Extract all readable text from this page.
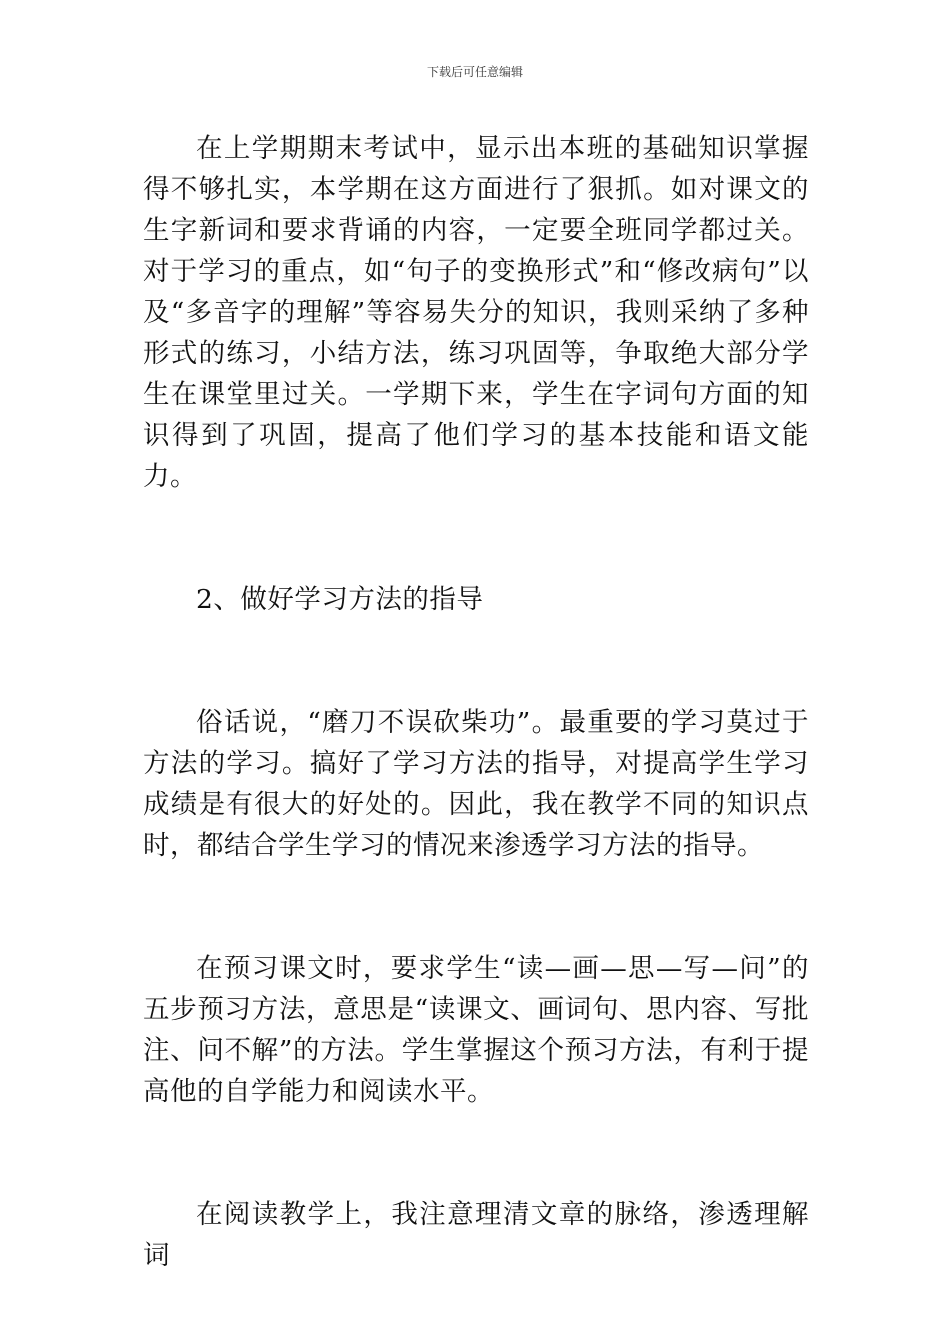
下载后可任意编辑

在上学期期末考试中，显示出本班的基础知识掌握得不够扎实，本学期在这方面进行了狠抓。如对课文的生字新词和要求背诵的内容，一定要全班同学都过关。对于学习的重点，如“句子的变换形式”和“修改病句”以及“多音字的理解”等容易失分的知识，我则采纳了多种形式的练习，小结方法，练习巩固等，争取绝大部分学生在课堂里过关。一学期下来，学生在字词句方面的知识得到了巩固，提高了他们学习的基本技能和语文能力。

2、做好学习方法的指导

俗话说，“磨刀不误砍柴功”。最重要的学习莫过于方法的学习。搞好了学习方法的指导，对提高学生学习成绩是有很大的好处的。因此，我在教学不同的知识点时，都结合学生学习的情况来渗透学习方法的指导。

在预习课文时，要求学生“读—画—思—写—问”的五步预习方法，意思是“读课文、画词句、思内容、写批注、问不解”的方法。学生掌握这个预习方法，有利于提高他的自学能力和阅读水平。

在阅读教学上，我注意理清文章的脉络，渗透理解词
